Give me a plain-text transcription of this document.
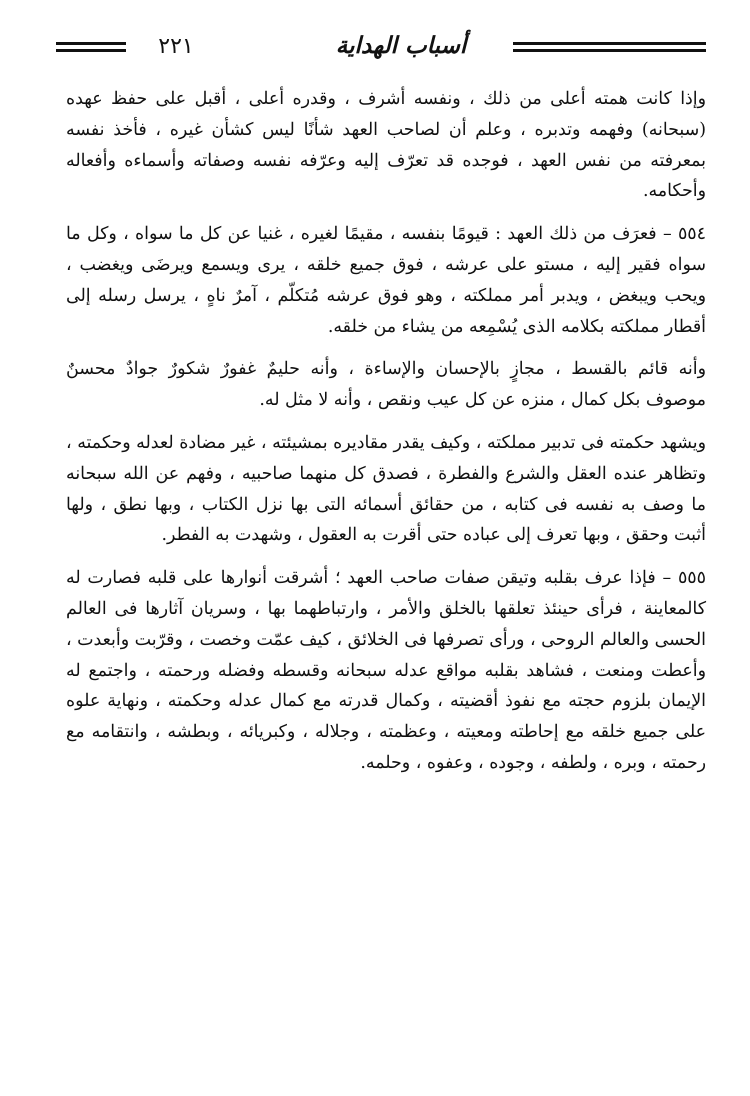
٢٢١	أسباب الهداية

وإذا كانت همته أعلى من ذلك ، ونفسه أشرف ، وقدره أعلى ، أقبل على حفظ عهده (سبحانه) وفهمه وتدبره ، وعلم أن لصاحب العهد شأنًا ليس كشأن غيره ، فأخذ نفسه بمعرفته من نفس العهد ، فوجده قد تعرّف إليه وعرّفه نفسه وصفاته وأسماءه وأفعاله وأحكامه.

٥٥٤ – فعرَف من ذلك العهد : قيومًا بنفسه ، مقيمًا لغيره ، غنيا عن كل ما سواه ، وكل ما سواه فقير إليه ، مستو على عرشه ، فوق جميع خلقه ، يرى ويسمع ويرضَى ويغضب ، ويحب ويبغض ، ويدبر أمر مملكته ، وهو فوق عرشه مُتكلّم ، آمرٌ ناهٍ ، يرسل رسله إلى أقطار مملكته بكلامه الذى يُسْمِعه من يشاء من خلقه.

وأنه قائم بالقسط ، مجازٍ بالإحسان والإساءة ، وأنه حليمٌ غفورٌ شكورٌ جوادٌ محسنٌ موصوف بكل كمال ، منزه عن كل عيب ونقص ، وأنه لا مثل له.

ويشهد حكمته فى تدبير مملكته ، وكيف يقدر مقاديره بمشيئته ، غير مضادة لعدله وحكمته ، وتظاهر عنده العقل والشرع والفطرة ، فصدق كل منهما صاحبيه ، وفهم عن الله سبحانه ما وصف به نفسه فى كتابه ، من حقائق أسمائه التى بها نزل الكتاب ، وبها نطق ، ولها أثبت وحقق ، وبها تعرف إلى عباده حتى أقرت به العقول ، وشهدت به الفطر.

٥٥٥ – فإذا عرف بقلبه وتيقن صفات صاحب العهد ؛ أشرقت أنوارها على قلبه فصارت له كالمعاينة ، فرأى حينئذ تعلقها بالخلق والأمر ، وارتباطهما بها ، وسريان آثارها فى العالم الحسى والعالم الروحى ، ورأى تصرفها فى الخلائق ، كيف عمّت وخصت ، وقرّبت وأبعدت ، وأعطت ومنعت ، فشاهد بقلبه مواقع عدله سبحانه وقسطه وفضله ورحمته ، واجتمع له الإيمان بلزوم حجته مع نفوذ أقضيته ، وكمال قدرته مع كمال عدله وحكمته ، ونهاية علوه على جميع خلقه مع إحاطته ومعيته ، وعظمته ، وجلاله ، وكبريائه ، وبطشه ، وانتقامه مع رحمته ، وبره ، ولطفه ، وجوده ، وعفوه ، وحلمه.
